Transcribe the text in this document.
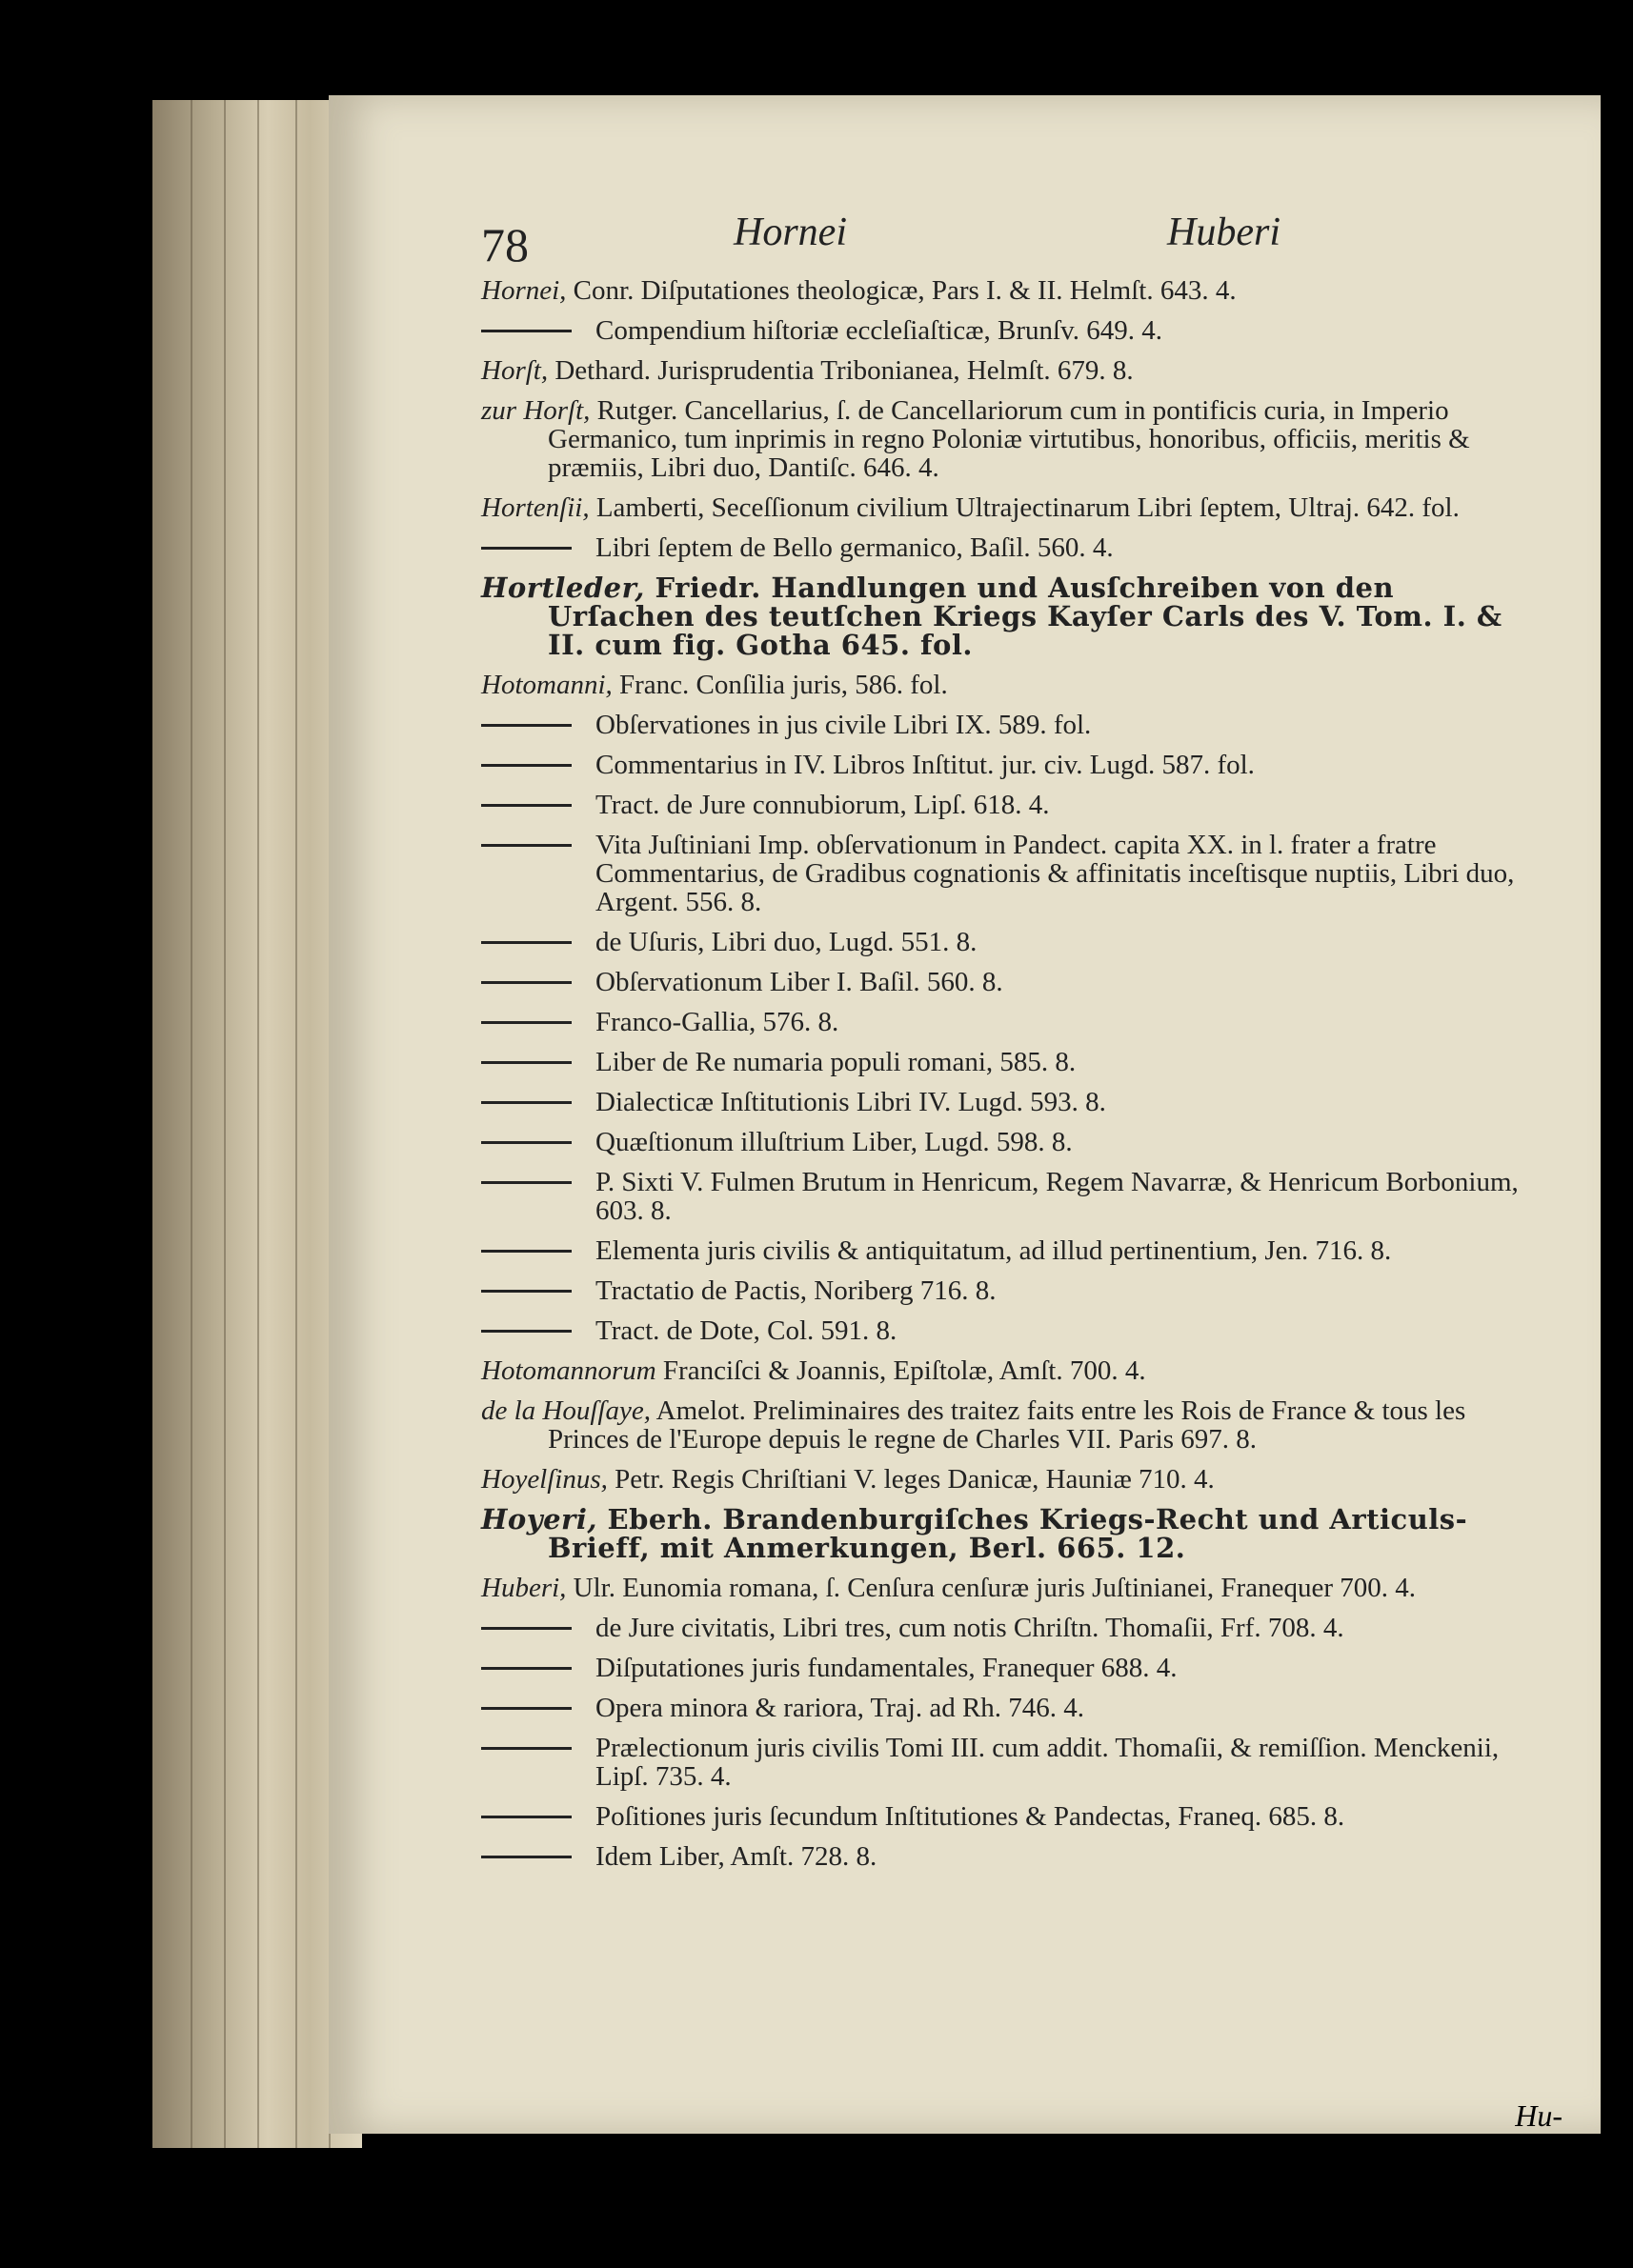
78	Hornei	Huberi
Hornei, Conr. Diſputationes theologicæ, Pars I. & II. Helmſt. 643. 4.
Compendium hiſtoriæ eccleſiaſticæ, Brunſv. 649. 4.
Horſt, Dethard. Jurisprudentia Tribonianea, Helmſt. 679. 8.
zur Horſt, Rutger. Cancellarius, ſ. de Cancellariorum cum in pontificis curia, in Imperio Germanico, tum inprimis in regno Poloniæ virtutibus, honoribus, officiis, meritis & præmiis, Libri duo, Dantiſc. 646. 4.
Hortenſii, Lamberti, Seceſſionum civilium Ultrajectinarum Libri ſeptem, Ultraj. 642. fol.
Libri ſeptem de Bello germanico, Baſil. 560. 4.
Hortleder, Friedr. Handlungen und Ausſchreiben von den Urſachen des teutſchen Kriegs Kayſer Carls des V. Tom. I. & II. cum fig. Gotha 645. fol.
Hotomanni, Franc. Conſilia juris, 586. fol.
Obſervationes in jus civile Libri IX. 589. fol.
Commentarius in IV. Libros Inſtitut. jur. civ. Lugd. 587. fol.
Tract. de Jure connubiorum, Lipſ. 618. 4.
Vita Juſtiniani Imp. obſervationum in Pandect. capita XX. in l. frater a fratre Commentarius, de Gradibus cognationis & affinitatis inceſtisque nuptiis, Libri duo, Argent. 556. 8.
de Uſuris, Libri duo, Lugd. 551. 8.
Obſervationum Liber I. Baſil. 560. 8.
Franco-Gallia, 576. 8.
Liber de Re numaria populi romani, 585. 8.
Dialecticæ Inſtitutionis Libri IV. Lugd. 593. 8.
Quæſtionum illuſtrium Liber, Lugd. 598. 8.
P. Sixti V. Fulmen Brutum in Henricum, Regem Navarræ, & Henricum Borbonium, 603. 8.
Elementa juris civilis & antiquitatum, ad illud pertinentium, Jen. 716. 8.
Tractatio de Pactis, Noriberg 716. 8.
Tract. de Dote, Col. 591. 8.
Hotomannorum Franciſci & Joannis, Epiſtolæ, Amſt. 700. 4.
de la Houſſaye, Amelot. Preliminaires des traitez faits entre les Rois de France & tous les Princes de l'Europe depuis le regne de Charles VII. Paris 697. 8.
Hoyelſinus, Petr. Regis Chriſtiani V. leges Danicæ, Hauniæ 710. 4.
Hoyeri, Eberh. Brandenburgiſches Kriegs-Recht und Articuls-Brieff, mit Anmerkungen, Berl. 665. 12.
Huberi, Ulr. Eunomia romana, ſ. Cenſura cenſuræ juris Juſtinianei, Franequer 700. 4.
de Jure civitatis, Libri tres, cum notis Chriſtn. Thomaſii, Frf. 708. 4.
Diſputationes juris fundamentales, Franequer 688. 4.
Opera minora & rariora, Traj. ad Rh. 746. 4.
Prælectionum juris civilis Tomi III. cum addit. Thomaſii, & remiſſion. Menckenii, Lipſ. 735. 4.
Poſitiones juris ſecundum Inſtitutiones & Pandectas, Franeq. 685. 8.
Idem Liber, Amſt. 728. 8.
Hu-
